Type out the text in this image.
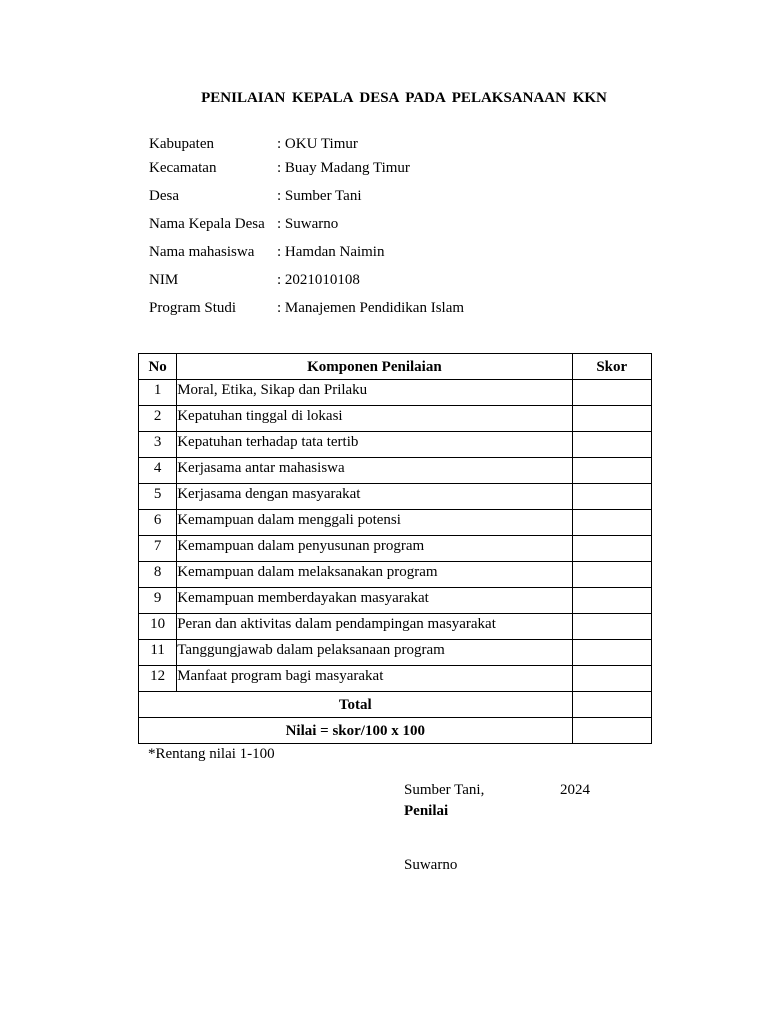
PENILAIAN KEPALA DESA PADA PELAKSANAAN KKN
Kabupaten	: OKU Timur
Kecamatan	: Buay Madang Timur
Desa	: Sumber Tani
Nama Kepala Desa : Suwarno
Nama mahasiswa : Hamdan Naimin
NIM	: 2021010108
Program Studi	: Manajemen Pendidikan Islam
No	Komponen Penilaian	Skor
1	Moral, Etika, Sikap dan Prilaku	
2	Kepatuhan tinggal di lokasi	
3	Kepatuhan terhadap tata tertib	
4	Kerjasama antar mahasiswa	
5	Kerjasama dengan masyarakat	
6	Kemampuan dalam menggali potensi	
7	Kemampuan dalam penyusunan program	
8	Kemampuan dalam melaksanakan program	
9	Kemampuan memberdayakan masyarakat	
10	Peran dan aktivitas dalam pendampingan masyarakat	
11	Tanggungjawab dalam pelaksanaan program	
12	Manfaat program bagi masyarakat	
Total		
Nilai = skor/100 x 100		
*Rentang nilai 1-100
Sumber Tani,	2024
Penilai
Suwarno
